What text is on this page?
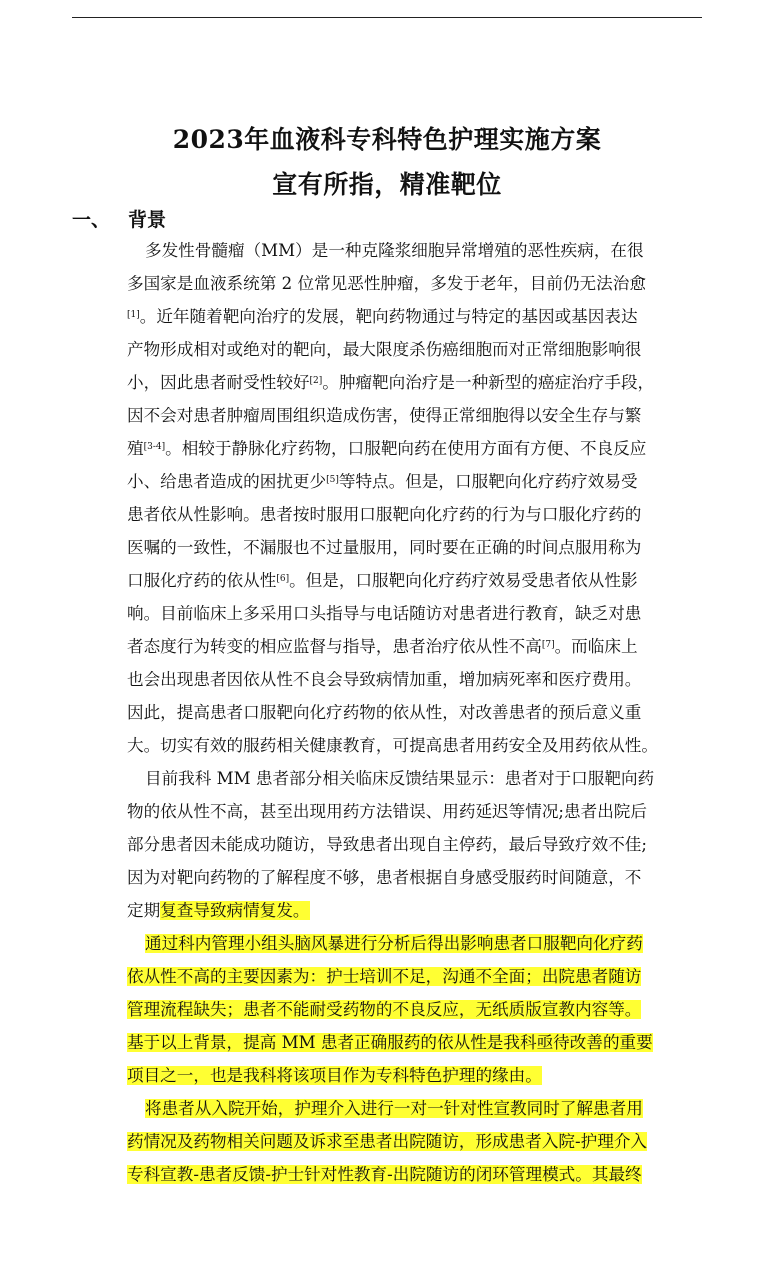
2023年血液科专科特色护理实施方案
宣有所指，精准靶位
一、 背景
多发性骨髓瘤（MM）是一种克隆浆细胞异常增殖的恶性疾病，在很
多国家是血液系统第 2 位常见恶性肿瘤，多发于老年，目前仍无法治愈
[1]。近年随着靶向治疗的发展，靶向药物通过与特定的基因或基因表达
产物形成相对或绝对的靶向，最大限度杀伤癌细胞而对正常细胞影响很
小，因此患者耐受性较好[2]。肿瘤靶向治疗是一种新型的癌症治疗手段，
因不会对患者肿瘤周围组织造成伤害，使得正常细胞得以安全生存与繁
殖[3-4]。相较于静脉化疗药物，口服靶向药在使用方面有方便、不良反应
小、给患者造成的困扰更少[5]等特点。但是，口服靶向化疗药疗效易受
患者依从性影响。患者按时服用口服靶向化疗药的行为与口服化疗药的
医嘱的一致性，不漏服也不过量服用，同时要在正确的时间点服用称为
口服化疗药的依从性[6]。但是，口服靶向化疗药疗效易受患者依从性影
响。目前临床上多采用口头指导与电话随访对患者进行教育，缺乏对患
者态度行为转变的相应监督与指导，患者治疗依从性不高[7]。而临床上
也会出现患者因依从性不良会导致病情加重，增加病死率和医疗费用。
因此，提高患者口服靶向化疗药物的依从性，对改善患者的预后意义重
大。切实有效的服药相关健康教育，可提高患者用药安全及用药依从性。
目前我科 MM 患者部分相关临床反馈结果显示：患者对于口服靶向药
物的依从性不高，甚至出现用药方法错误、用药延迟等情况;患者出院后
部分患者因未能成功随访，导致患者出现自主停药，最后导致疗效不佳;
因为对靶向药物的了解程度不够，患者根据自身感受服药时间随意，不
定期复查导致病情复发。
通过科内管理小组头脑风暴进行分析后得出影响患者口服靶向化疗药
依从性不高的主要因素为：护士培训不足，沟通不全面；出院患者随访
管理流程缺失；患者不能耐受药物的不良反应，无纸质版宣教内容等。
基于以上背景，提高 MM 患者正确服药的依从性是我科亟待改善的重要
项目之一，也是我科将该项目作为专科特色护理的缘由。
将患者从入院开始，护理介入进行一对一针对性宣教同时了解患者用
药情况及药物相关问题及诉求至患者出院随访，形成患者入院-护理介入
专科宣教-患者反馈-护士针对性教育-出院随访的闭环管理模式。其最终
